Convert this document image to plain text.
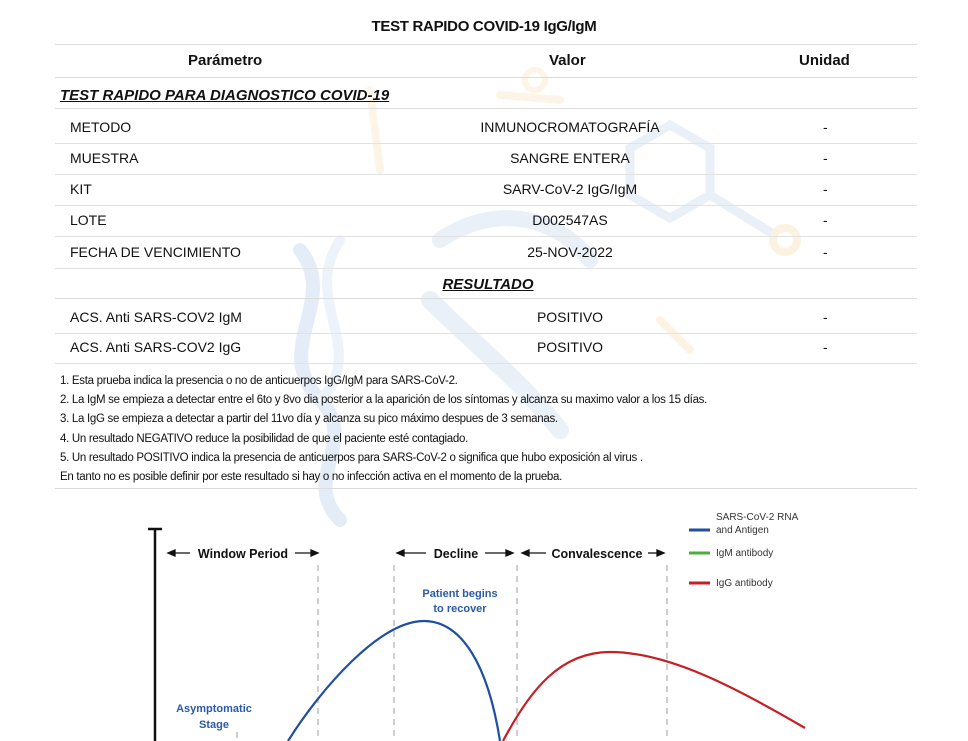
TEST RAPIDO COVID-19 IgG/IgM
Parámetro	Valor	Unidad
TEST RAPIDO PARA DIAGNOSTICO COVID-19
METODO	INMUNOCROMATOGRAFÍA	-
MUESTRA	SANGRE ENTERA	-
KIT	SARV-CoV-2 IgG/IgM	-
LOTE	D002547AS	-
FECHA DE VENCIMIENTO	25-NOV-2022	-
RESULTADO
ACS. Anti SARS-COV2 IgM	POSITIVO	-
ACS. Anti SARS-COV2 IgG	POSITIVO	-
1. Esta prueba indica la presencia o no de anticuerpos IgG/IgM para SARS-CoV-2.
2. La IgM se empieza a detectar entre el 6to y 8vo dia posterior a la aparición de los síntomas y alcanza su maximo valor a los 15 días.
3. La IgG se empieza a detectar a partir del 11vo día y alcanza su pico máximo despues de 3 semanas.
4. Un resultado NEGATIVO reduce la posibilidad de que el paciente esté contagiado.
5. Un resultado POSITIVO indica la presencia de anticuerpos para SARS-CoV-2 o significa que hubo exposición al virus .
En tanto no es posible definir por este resultado si hay o no infección activa en el momento de la prueba.
Window Period	Decline	Convalescence
Patient begins
to recover
Asymptomatic
Stage
SARS-CoV-2 RNA
and Antigen
IgM antibody
IgG antibody
